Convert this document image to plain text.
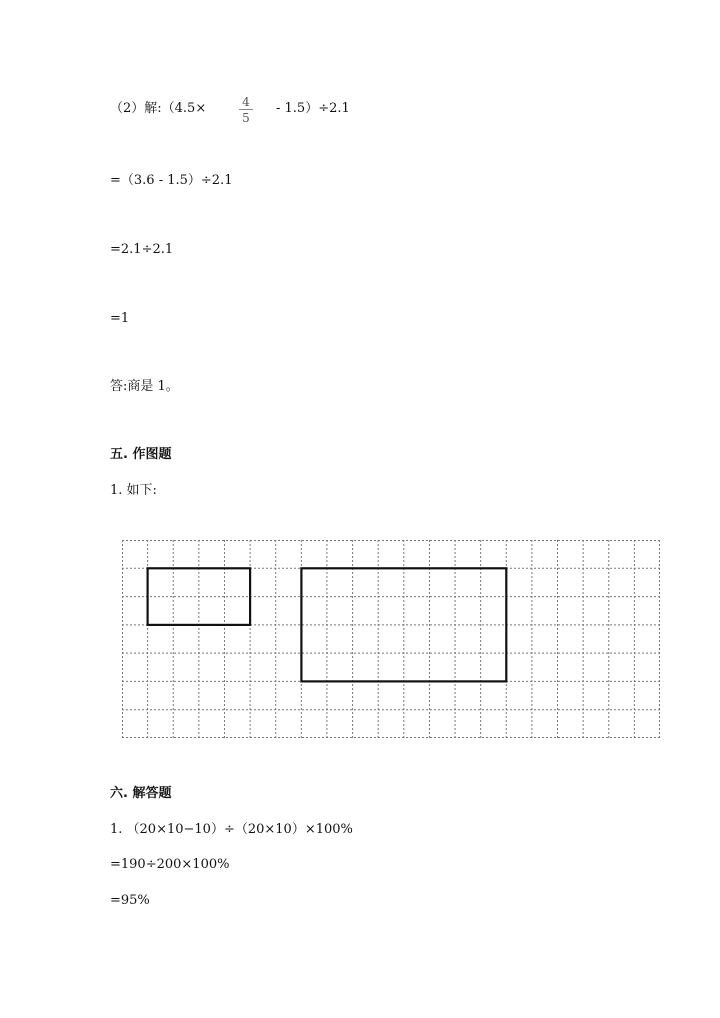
（2）解:（4.5×	4
5
- 1.5）÷2.1
=（3.6 - 1.5）÷2.1
=2.1÷2.1
=1
答:商是 1。
五. 作图题
1. 如下:
六. 解答题
1. （20×10−10）÷（20×10）×100%
=190÷200×100%
=95%
